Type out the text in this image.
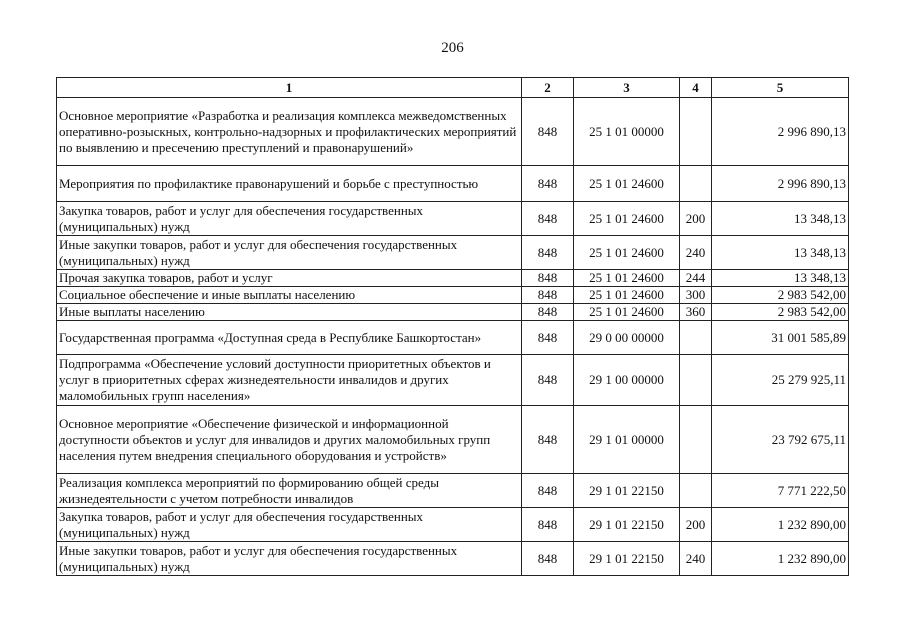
206
1	2	3	4	5
Основное мероприятие «Разработка и реализация комплекса межведомственных оперативно-розыскных, контрольно-надзорных и профилактических мероприятий по выявлению и пресечению преступлений и правонарушений»	848	25 1 01 00000		2 996 890,13
Мероприятия по профилактике правонарушений и борьбе с преступностью	848	25 1 01 24600		2 996 890,13
Закупка товаров, работ и услуг для обеспечения государственных (муниципальных) нужд	848	25 1 01 24600	200	13 348,13
Иные закупки товаров, работ и услуг для обеспечения государственных (муниципальных) нужд	848	25 1 01 24600	240	13 348,13
Прочая закупка товаров, работ и услуг	848	25 1 01 24600	244	13 348,13
Социальное обеспечение и иные выплаты населению	848	25 1 01 24600	300	2 983 542,00
Иные выплаты населению	848	25 1 01 24600	360	2 983 542,00
Государственная программа «Доступная среда в Республике Башкортостан»	848	29 0 00 00000		31 001 585,89
Подпрограмма «Обеспечение условий доступности приоритетных объектов и услуг в приоритетных сферах жизнедеятельности инвалидов и других маломобильных групп населения»	848	29 1 00 00000		25 279 925,11
Основное мероприятие «Обеспечение физической и информационной доступности объектов и услуг для инвалидов и других маломобильных групп населения путем внедрения специального оборудования и устройств»	848	29 1 01 00000		23 792 675,11
Реализация комплекса мероприятий по формированию общей среды жизнедеятельности с учетом потребности инвалидов	848	29 1 01 22150		7 771 222,50
Закупка товаров, работ и услуг для обеспечения государственных (муниципальных) нужд	848	29 1 01 22150	200	1 232 890,00
Иные закупки товаров, работ и услуг для обеспечения государственных (муниципальных) нужд	848	29 1 01 22150	240	1 232 890,00
